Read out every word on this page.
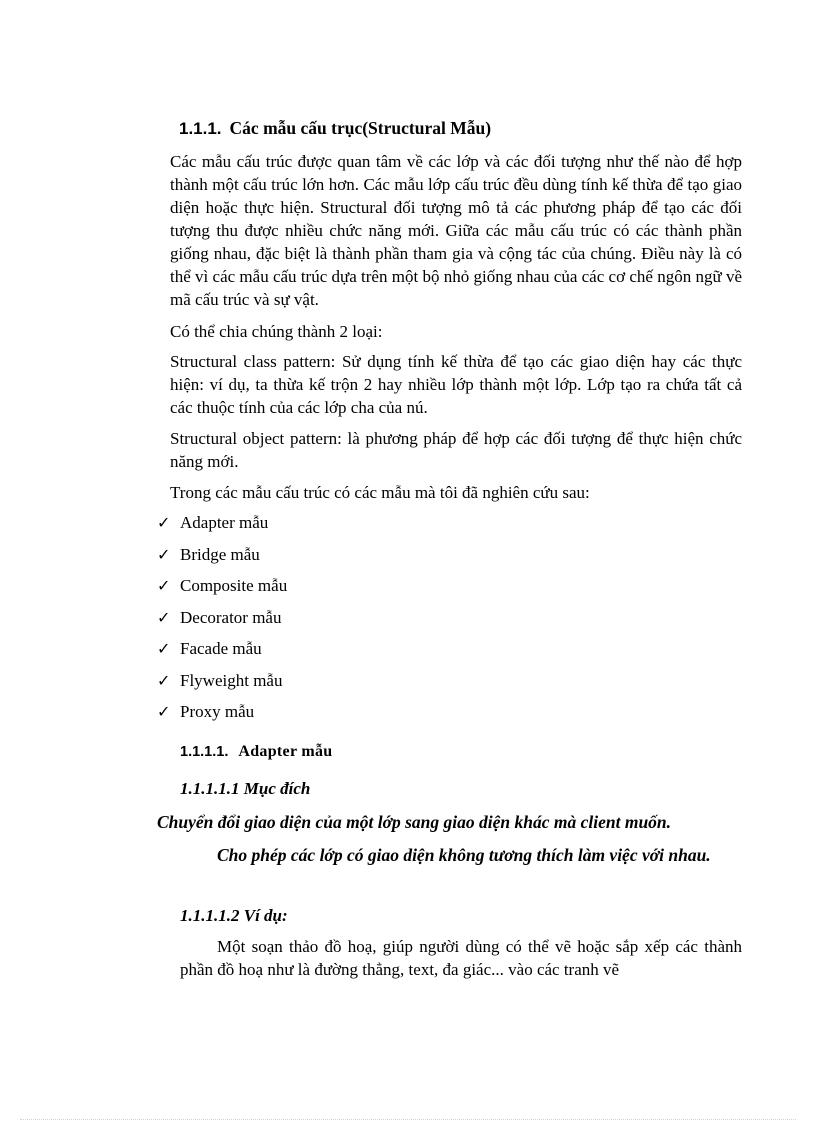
1.1.1. Các mẫu cấu trục(Structural Mẫu)

Các mẫu cấu trúc được quan tâm về các lớp và các đối tượng như thế nào để hợp thành một cấu trúc lớn hơn. Các mẫu lớp cấu trúc đều dùng tính kế thừa để tạo giao diện hoặc thực hiện. Structural đối tượng mô tả các phương pháp để tạo các đối tượng thu được nhiều chức năng mới. Giữa các mẫu cấu trúc có các thành phần giống nhau, đặc biệt là thành phần tham gia và cộng tác của chúng. Điều này là có thể vì các mẫu cấu trúc dựa trên một bộ nhỏ giống nhau của các cơ chế ngôn ngữ về mã cấu trúc và sự vật.

Có thể chia chúng thành 2 loại:

Structural class pattern: Sử dụng tính kế thừa để tạo các giao diện hay các thực hiện: ví dụ, ta thừa kế trộn 2 hay nhiều lớp thành một lớp. Lớp tạo ra chứa tất cả các thuộc tính của các lớp cha của nú.

Structural object pattern: là phương pháp để hợp các đối tượng để thực hiện chức năng mới.

Trong các mẫu cấu trúc có các mẫu mà tôi đã nghiên cứu sau:

✓ Adapter mẫu
✓ Bridge mẫu
✓ Composite mẫu
✓ Decorator mẫu
✓ Facade mẫu
✓ Flyweight mẫu
✓ Proxy mẫu
1.1.1.1. Adapter mẫu
1.1.1.1.1 Mục đích

Chuyển đổi giao diện của một lớp sang giao diện khác mà client muốn.

Cho phép các lớp có giao diện không tương thích làm việc với nhau.

1.1.1.1.2 Ví dụ:

Một soạn thảo đồ hoạ, giúp người dùng có thể vẽ hoặc sắp xếp các thành phần đồ hoạ như là đường thẳng, text, đa giác... vào các tranh vẽ
